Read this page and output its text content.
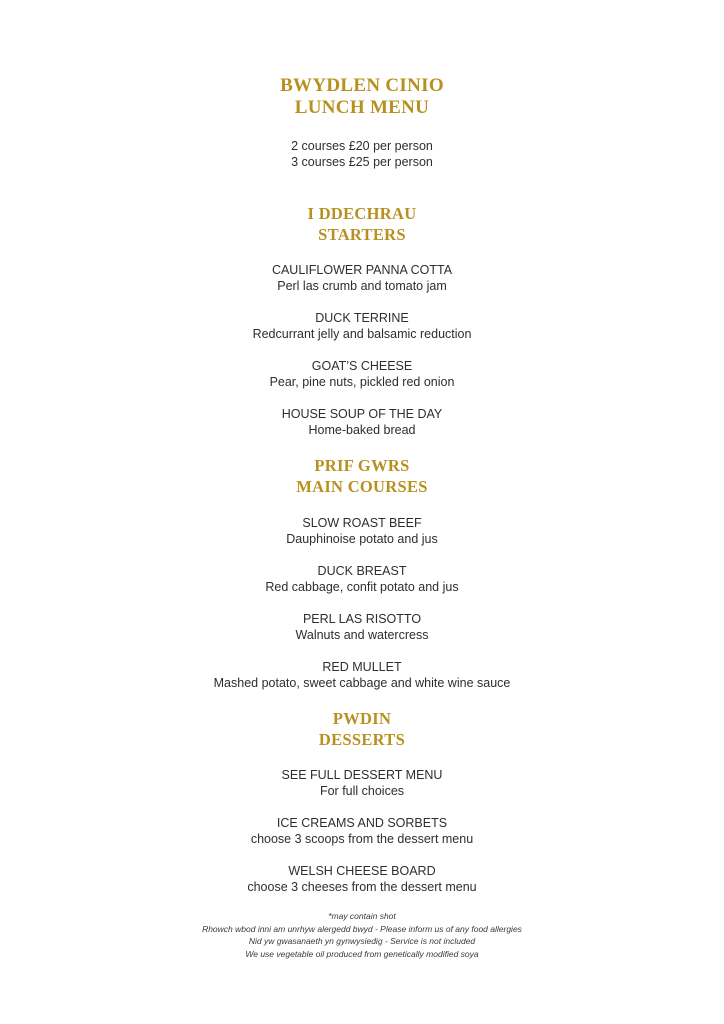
BWYDLEN CINIO
LUNCH MENU
2 courses £20 per person
3 courses £25 per person
I DDECHRAU
STARTERS
CAULIFLOWER PANNA COTTA
Perl las crumb and tomato jam
DUCK TERRINE
Redcurrant jelly and balsamic reduction
GOAT’S CHEESE
Pear, pine nuts, pickled red onion
HOUSE SOUP OF THE DAY
Home-baked bread
PRIF GWRS
MAIN COURSES
SLOW ROAST BEEF
Dauphinoise potato and jus
DUCK BREAST
Red cabbage, confit potato and jus
PERL LAS RISOTTO
Walnuts and watercress
RED MULLET
Mashed potato, sweet cabbage and white wine sauce
PWDIN
DESSERTS
SEE FULL DESSERT MENU
For full choices
ICE CREAMS AND SORBETS
choose 3 scoops from the dessert menu
WELSH CHEESE BOARD
choose 3 cheeses from the dessert menu
*may contain shot
Rhowch wbod inni am unrhyw alergedd bwyd - Please inform us of any food allergies
Nid yw gwasanaeth yn gynwysiedig - Service is not included
We use vegetable oil produced from genetically modified soya
